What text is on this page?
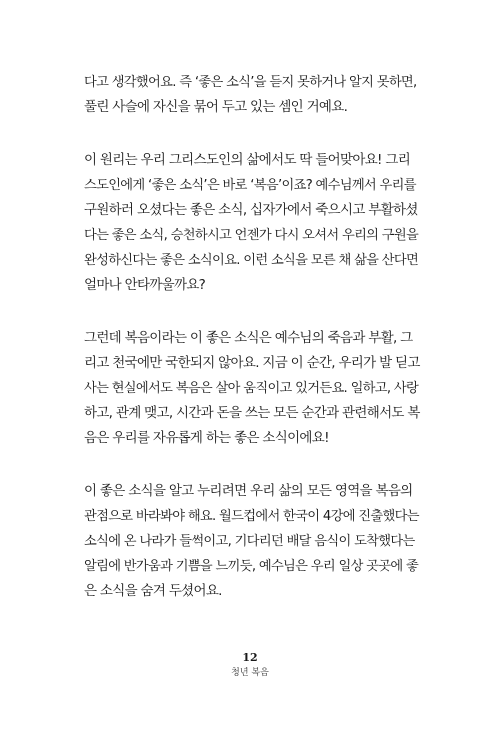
다고 생각했어요. 즉 ‘좋은 소식’을 듣지 못하거나 알지 못하면,
풀린 사슬에 자신을 묶어 두고 있는 셈인 거예요.

이 원리는 우리 그리스도인의 삶에서도 딱 들어맞아요! 그리
스도인에게 ‘좋은 소식’은 바로 ‘복음’이죠? 예수님께서 우리를
구원하러 오셨다는 좋은 소식, 십자가에서 죽으시고 부활하셨
다는 좋은 소식, 승천하시고 언젠가 다시 오셔서 우리의 구원을
완성하신다는 좋은 소식이요. 이런 소식을 모른 채 삶을 산다면
얼마나 안타까울까요?

그런데 복음이라는 이 좋은 소식은 예수님의 죽음과 부활, 그
리고 천국에만 국한되지 않아요. 지금 이 순간, 우리가 발 딛고
사는 현실에서도 복음은 살아 움직이고 있거든요. 일하고, 사랑
하고, 관계 맺고, 시간과 돈을 쓰는 모든 순간과 관련해서도 복
음은 우리를 자유롭게 하는 좋은 소식이에요!

이 좋은 소식을 알고 누리려면 우리 삶의 모든 영역을 복음의
관점으로 바라봐야 해요. 월드컵에서 한국이 4강에 진출했다는
소식에 온 나라가 들썩이고, 기다리던 배달 음식이 도착했다는
알림에 반가움과 기쁨을 느끼듯, 예수님은 우리 일상 곳곳에 좋
은 소식을 숨겨 두셨어요.

12
청년 복음
